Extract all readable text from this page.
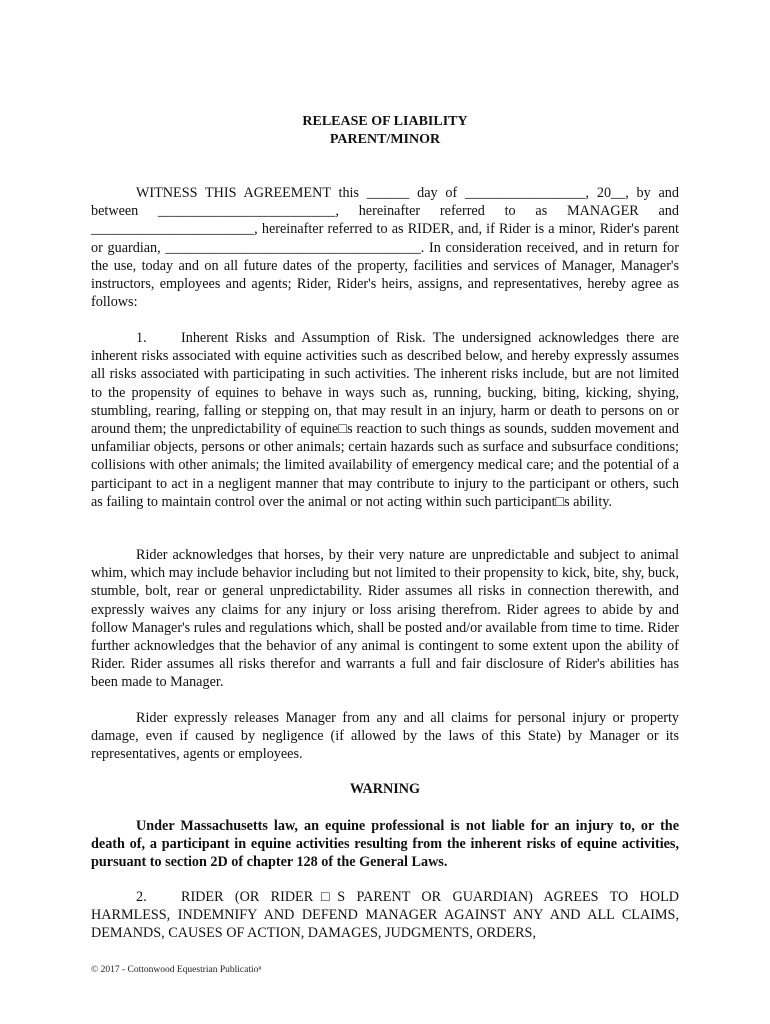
RELEASE OF LIABILITY
PARENT/MINOR
WITNESS THIS AGREEMENT this ______ day of _________________, 20__, by and between _________________________, hereinafter referred to as MANAGER and _______________________, hereinafter referred to as RIDER, and, if Rider is a minor, Rider's parent or guardian, ____________________________________. In consideration received, and in return for the use, today and on all future dates of the property, facilities and services of Manager, Manager's instructors, employees and agents; Rider, Rider's heirs, assigns, and representatives, hereby agree as follows:
1. Inherent Risks and Assumption of Risk. The undersigned acknowledges there are inherent risks associated with equine activities such as described below, and hereby expressly assumes all risks associated with participating in such activities. The inherent risks include, but are not limited to the propensity of equines to behave in ways such as, running, bucking, biting, kicking, shying, stumbling, rearing, falling or stepping on, that may result in an injury, harm or death to persons on or around them; the unpredictability of equine□s reaction to such things as sounds, sudden movement and unfamiliar objects, persons or other animals; certain hazards such as surface and subsurface conditions; collisions with other animals; the limited availability of emergency medical care; and the potential of a participant to act in a negligent manner that may contribute to injury to the participant or others, such as failing to maintain control over the animal or not acting within such participant□s ability.
Rider acknowledges that horses, by their very nature are unpredictable and subject to animal whim, which may include behavior including but not limited to their propensity to kick, bite, shy, buck, stumble, bolt, rear or general unpredictability. Rider assumes all risks in connection therewith, and expressly waives any claims for any injury or loss arising therefrom. Rider agrees to abide by and follow Manager's rules and regulations which, shall be posted and/or available from time to time. Rider further acknowledges that the behavior of any animal is contingent to some extent upon the ability of Rider. Rider assumes all risks therefor and warrants a full and fair disclosure of Rider's abilities has been made to Manager.
Rider expressly releases Manager from any and all claims for personal injury or property damage, even if caused by negligence (if allowed by the laws of this State) by Manager or its representatives, agents or employees.
WARNING
Under Massachusetts law, an equine professional is not liable for an injury to, or the death of, a participant in equine activities resulting from the inherent risks of equine activities, pursuant to section 2D of chapter 128 of the General Laws.
2. RIDER (OR RIDER□S PARENT OR GUARDIAN) AGREES TO HOLD HARMLESS, INDEMNIFY AND DEFEND MANAGER AGAINST ANY AND ALL CLAIMS, DEMANDS, CAUSES OF ACTION, DAMAGES, JUDGMENTS, ORDERS,
© 2017 - Cottonwood Equestrian Publicatioⁿ
